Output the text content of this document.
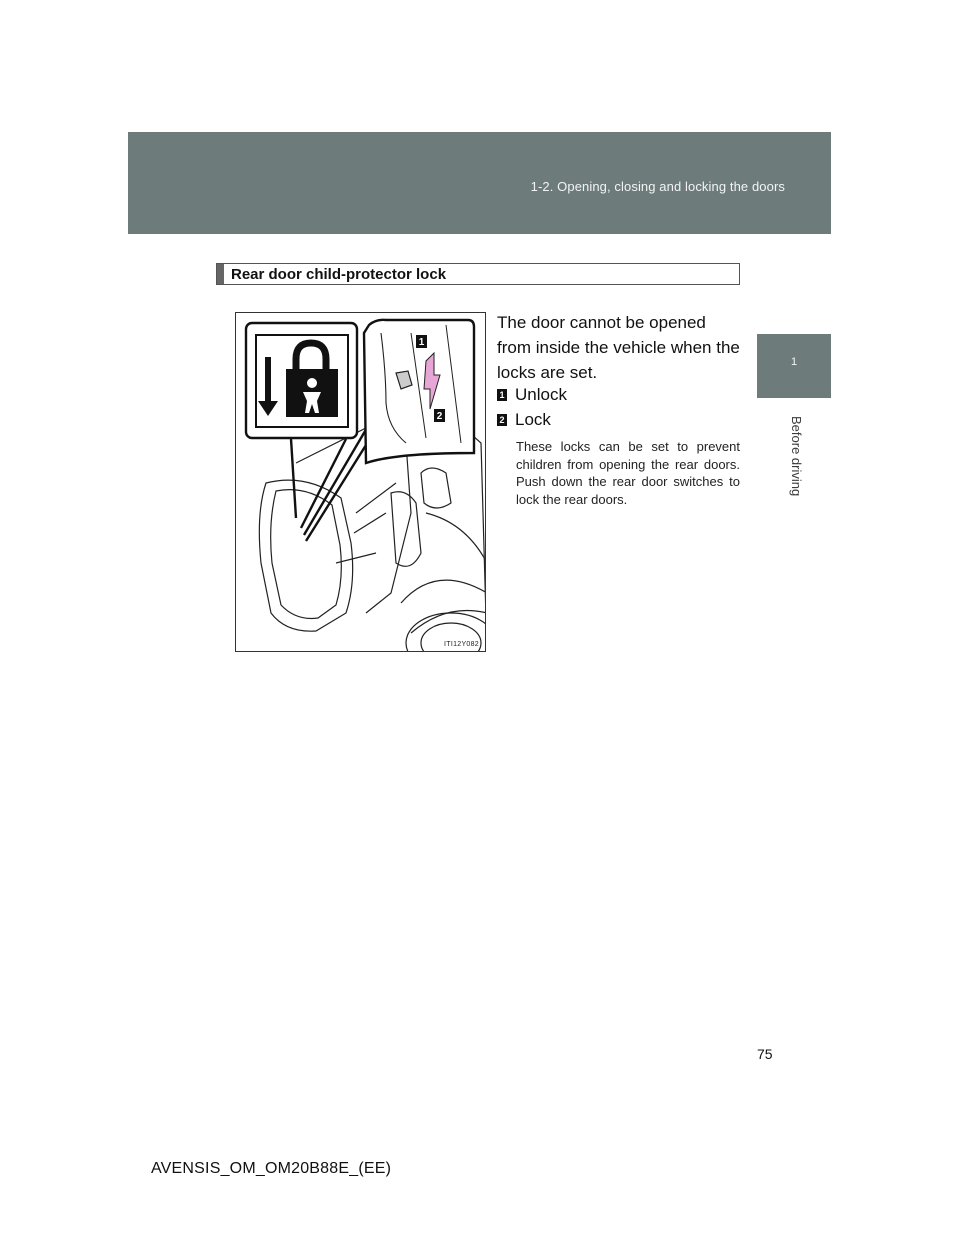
1-2. Opening, closing and locking the doors
1
Before driving
Rear door child-protector lock
1
2
ITI12Y082
The door cannot be opened from inside the vehicle when the locks are set.
1 Unlock
2 Lock
These locks can be set to prevent children from opening the rear doors. Push down the rear door switches to lock the rear doors.
75
AVENSIS_OM_OM20B88E_(EE)
